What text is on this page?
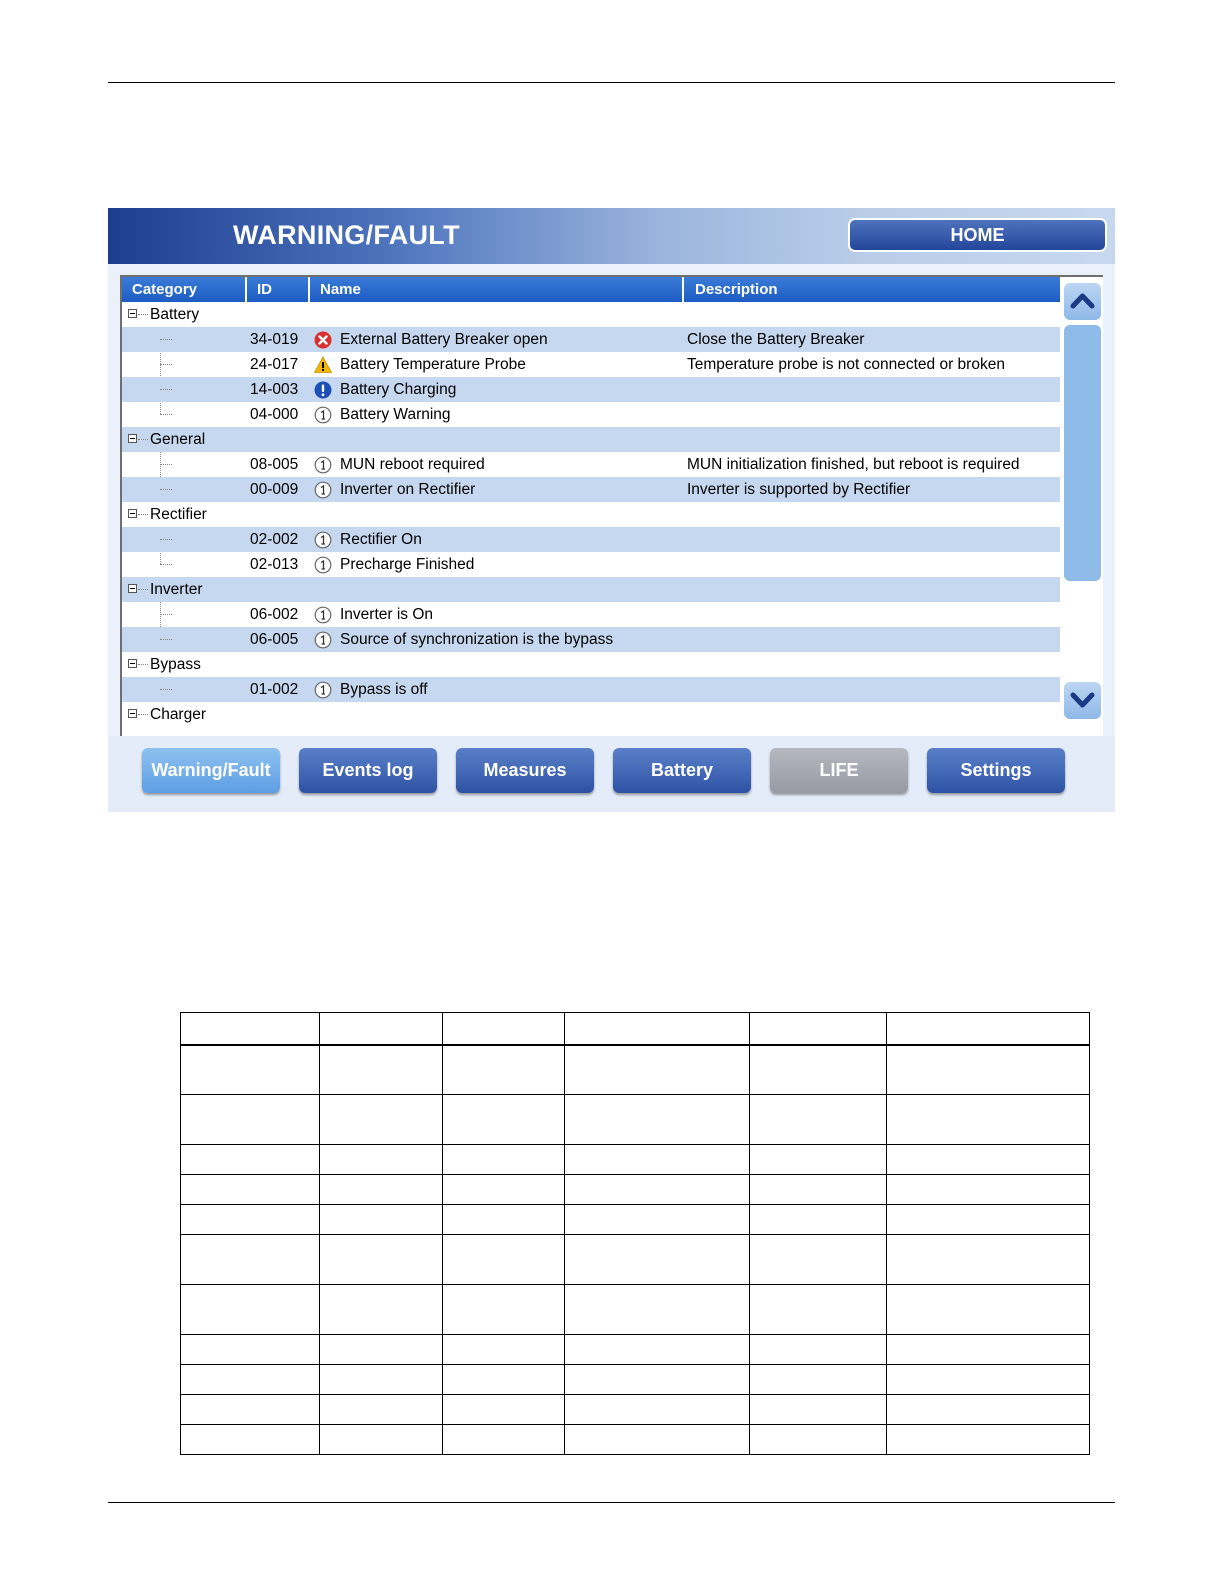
WARNING/FAULT	HOME
Category	ID	Name	Description
Battery
34-019	External Battery Breaker open	Close the Battery Breaker
24-017	Battery Temperature Probe	Temperature probe is not connected or broken
14-003	Battery Charging
04-000	Battery Warning
General
08-005	MUN reboot required	MUN initialization finished, but reboot is required
00-009	Inverter on Rectifier	Inverter is supported by Rectifier
Rectifier
02-002	Rectifier On
02-013	Precharge Finished
Inverter
06-002	Inverter is On
06-005	Source of synchronization is the bypass
Bypass
01-002	Bypass is off
Charger
Warning/Fault	Events log	Measures	Battery	LIFE	Settings
